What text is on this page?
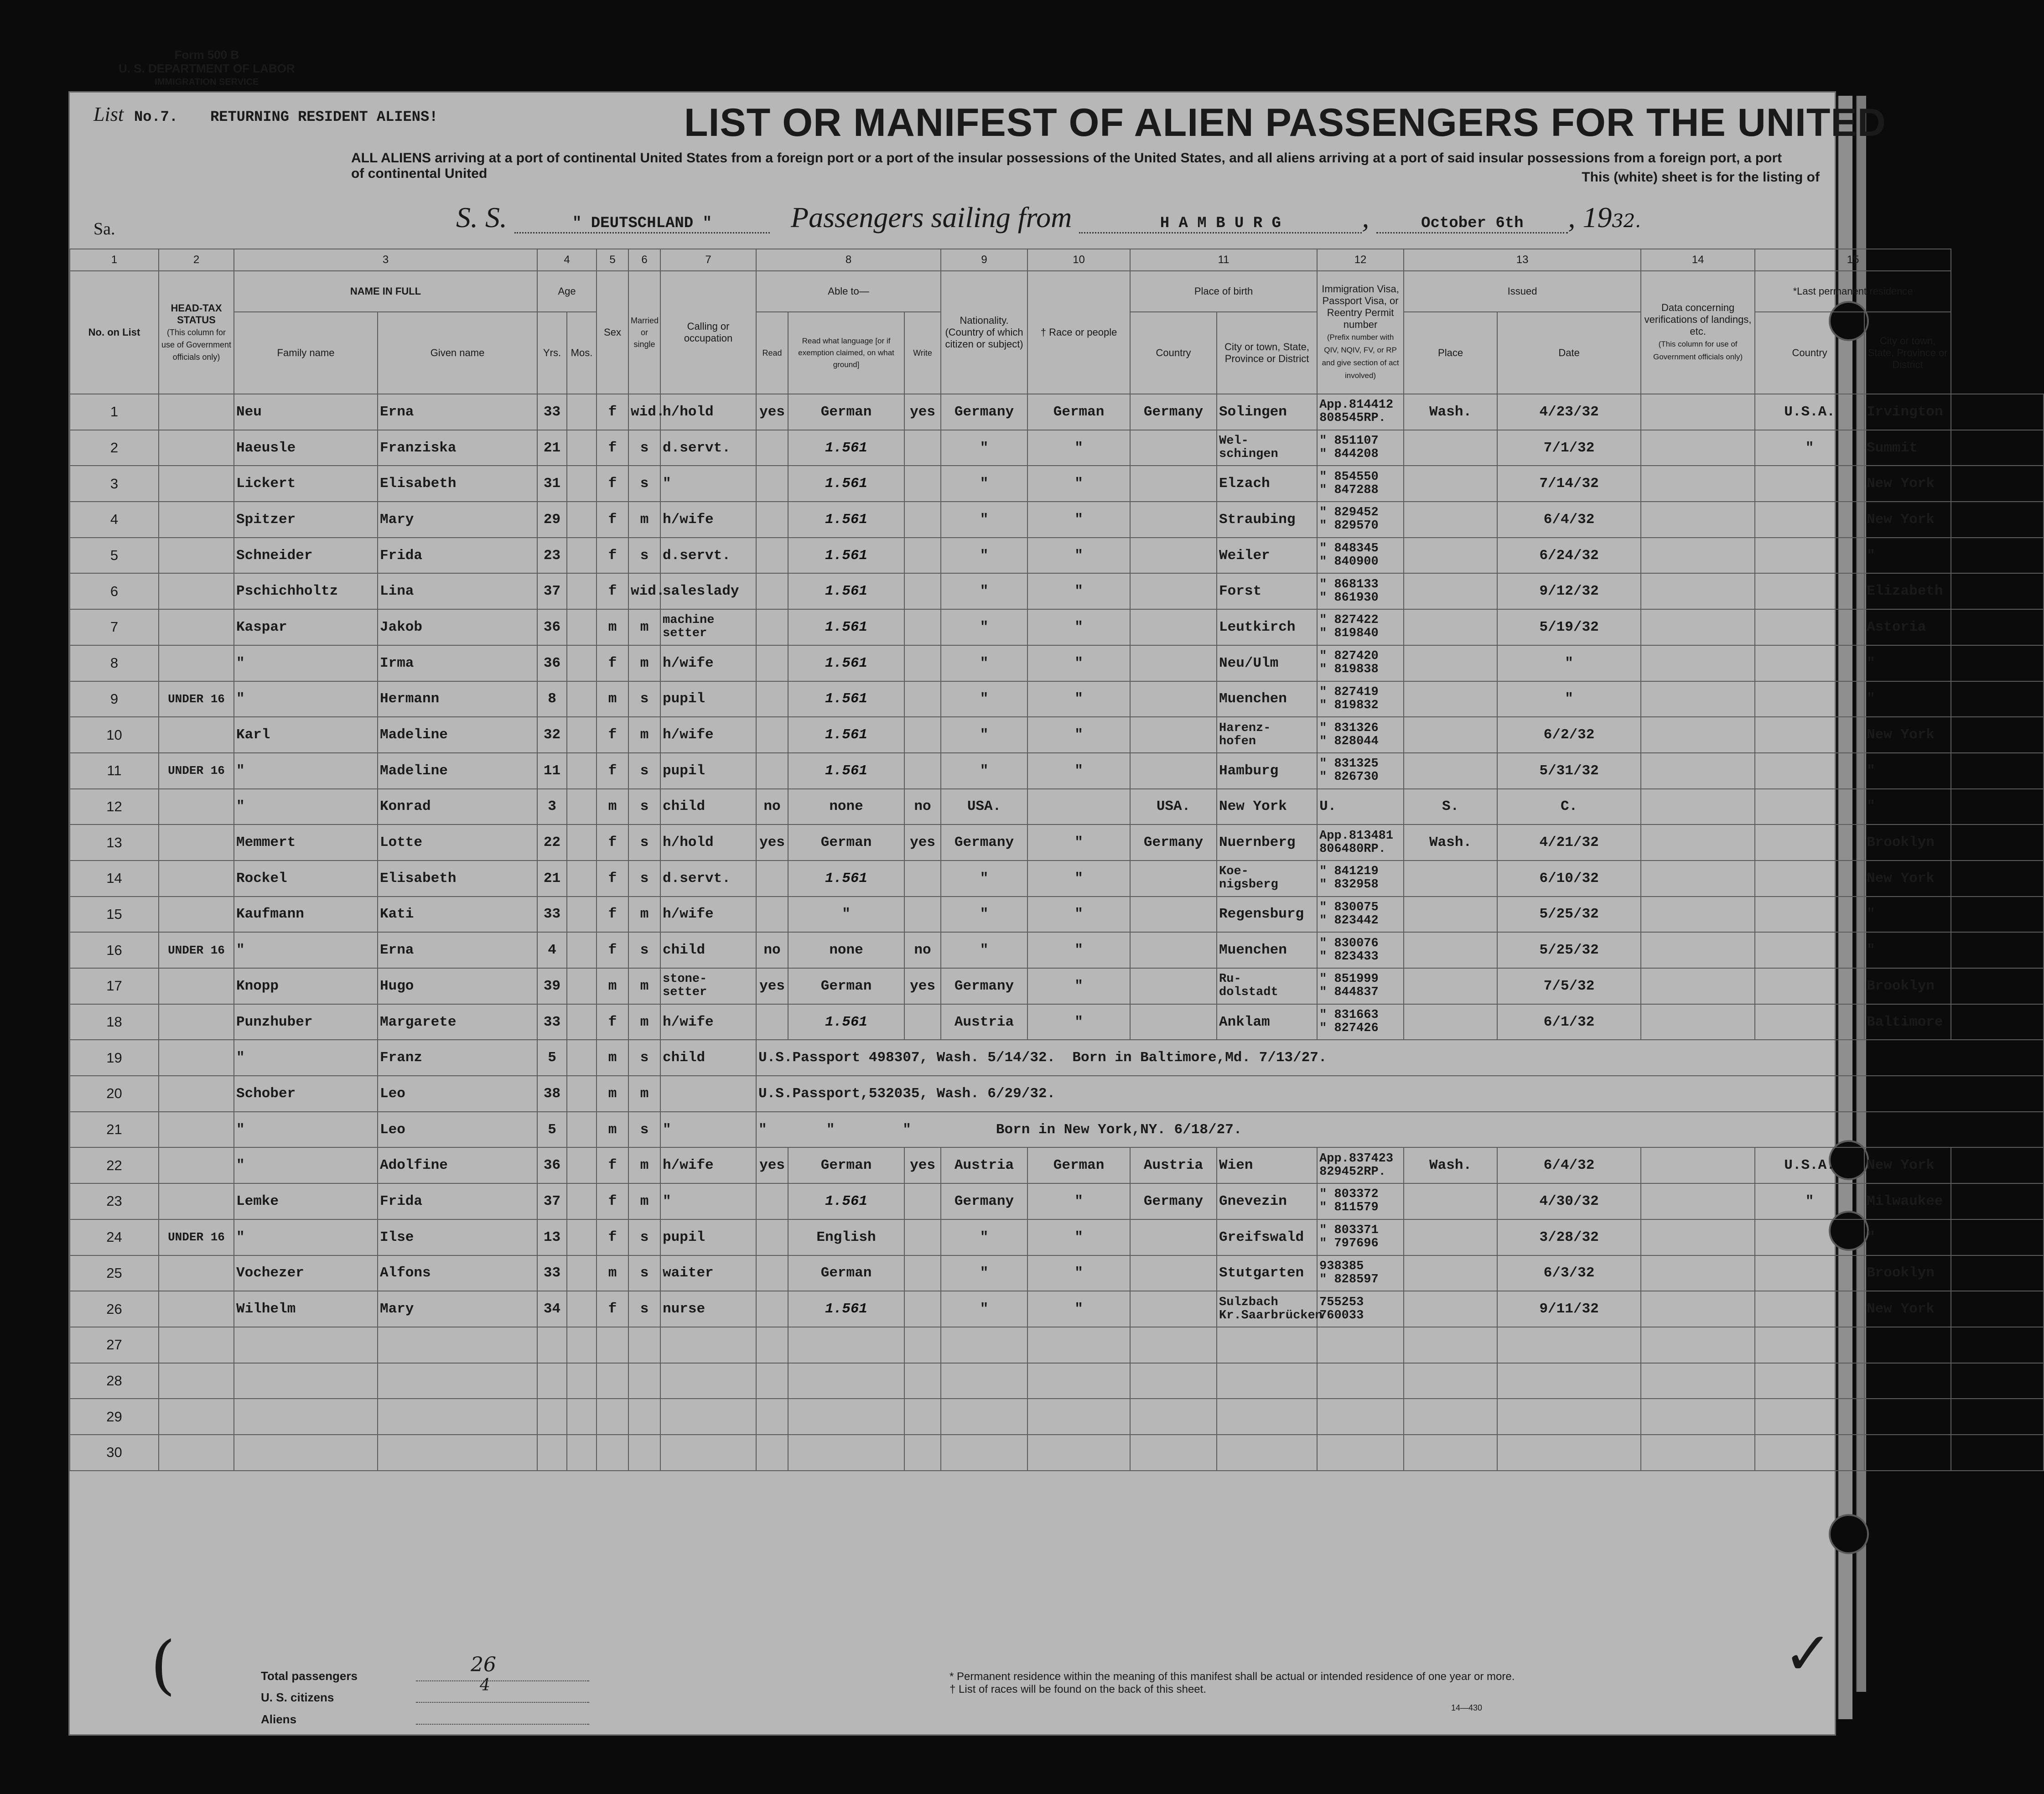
Form 500 B
U. S. DEPARTMENT OF LABOR
IMMIGRATION SERVICE
List No.7. RETURNING RESIDENT ALIENS!	LIST OR MANIFEST OF ALIEN PASSENGERS FOR THE UNITED
ALL ALIENS arriving at a port of continental United States from a foreign port or a port of the insular possessions of the United States, and all aliens arriving at a port of said insular possessions from a foreign port, a port of continental United	This (white) sheet is for the listing of
Sa.	S. S.	" DEUTSCHLAND "	Passengers sailing from	H A M B U R G	,	October 6th , 1932.
1	2	3		4		5	6	7	8			9	10	11		12	13		14	15		
No. on List	HEAD-TAX STATUS
(This column for use of Government officials only)	NAME IN FULL		Age		Sex	Married or single	Calling or occupation	Able to—			Nationality. (Country of which citizen or subject)	† Race or people	Place of birth		Immigration Visa, Passport Visa, or Reentry Permit number
(Prefix number with QIV, NQIV, FV, or RP and give section of act involved)	Issued		Data concerning verifications of landings, etc.
(This column for use of Government officials only)	*Last permanent residence		
		Family name	Given name	Yrs.	Mos.				Read	Read what language [or if exemption claimed, on what ground]	Write			Country	City or town, State, Province or District		Place	Date		Country	City or town, State, Province or District	
1		Neu	Erna	33		f	wid.	h/hold	yes	German	yes	Germany	German	Germany	Solingen	App.814412
808545RP.	Wash.	4/23/32		U.S.A.	Irvington	
2		Haeusle	Franziska	21		f	s	d.servt.		1.561		"	"		Wel-
schingen	" 851107
" 844208		7/1/32		"	Summit	
3		Lickert	Elisabeth	31		f	s	"		1.561		"	"		Elzach	" 854550
" 847288		7/14/32			New York	
4		Spitzer	Mary	29		f	m	h/wife		1.561		"	"		Straubing	" 829452
" 829570		6/4/32			New York	
5		Schneider	Frida	23		f	s	d.servt.		1.561		"	"		Weiler	" 848345
" 840900		6/24/32			"	
6		Pschichholtz	Lina	37		f	wid.	saleslady		1.561		"	"		Forst	" 868133
" 861930		9/12/32			Elizabeth	
7		Kaspar	Jakob	36		m	m	machine
setter		1.561		"	"		Leutkirch	" 827422
" 819840		5/19/32			Astoria	
8		"	Irma	36		f	m	h/wife		1.561		"	"		Neu/Ulm	" 827420
" 819838		"			"	
9	UNDER 16	"	Hermann	8		m	s	pupil		1.561		"	"		Muenchen	" 827419
" 819832		"			"	
10		Karl	Madeline	32		f	m	h/wife		1.561		"	"		Harenz-
hofen	" 831326
" 828044		6/2/32			New York	
11	UNDER 16	"	Madeline	11		f	s	pupil		1.561		"	"		Hamburg	" 831325
" 826730		5/31/32			"	
12		"	Konrad	3		m	s	child	no	none	no	USA.		USA.	New York	U.	S.	C.			"	
13		Memmert	Lotte	22		f	s	h/hold	yes	German	yes	Germany	"	Germany	Nuernberg	App.813481
806480RP.	Wash.	4/21/32			Brooklyn	
14		Rockel	Elisabeth	21		f	s	d.servt.		1.561		"	"		Koe-
nigsberg	" 841219
" 832958		6/10/32			New York	
15		Kaufmann	Kati	33		f	m	h/wife		"		"	"		Regensburg	" 830075
" 823442		5/25/32			"	
16	UNDER 16	"	Erna	4		f	s	child	no	none	no	"	"		Muenchen	" 830076
" 823433		5/25/32			"	
17		Knopp	Hugo	39		m	m	stone-
setter	yes	German	yes	Germany	"		Ru-
dolstadt	" 851999
" 844837		7/5/32			Brooklyn	
18		Punzhuber	Margarete	33		f	m	h/wife		1.561		Austria	"		Anklam	" 831663
" 827426		6/1/32			Baltimore	
19		"	Franz	5		m	s	child	U.S.Passport 498307, Wash. 5/14/32.  Born in Baltimore,Md. 7/13/27.													
20		Schober	Leo	38		m	m		U.S.Passport,532035, Wash. 6/29/32.													
21		"	Leo	5		m	s	"	"       "        "          Born in New York,NY. 6/18/27.													
22		"	Adolfine	36		f	m	h/wife	yes	German	yes	Austria	German	Austria	Wien	App.837423
829452RP.	Wash.	6/4/32		U.S.A.	New York	
23		Lemke	Frida	37		f	m	"		1.561		Germany	"	Germany	Gnevezin	" 803372
" 811579		4/30/32		"	Milwaukee	
24	UNDER 16	"	Ilse	13		f	s	pupil		English		"	"		Greifswald	" 803371
" 797696		3/28/32			"	
25		Vochezer	Alfons	33		m	s	waiter		German		"	"		Stutgarten	938385
" 828597		6/3/32			Brooklyn	
26		Wilhelm	Mary	34		f	s	nurse		1.561		"	"		Sulzbach
Kr.Saarbrücken	755253
760033		9/11/32			New York	
27																						
28																						
29																						
30																						
(	✓
Total passengers	26
U. S. citizens
4
Aliens
* Permanent residence within the meaning of this manifest shall be actual or intended residence of one year or more.
† List of races will be found on the back of this sheet.
14—430
